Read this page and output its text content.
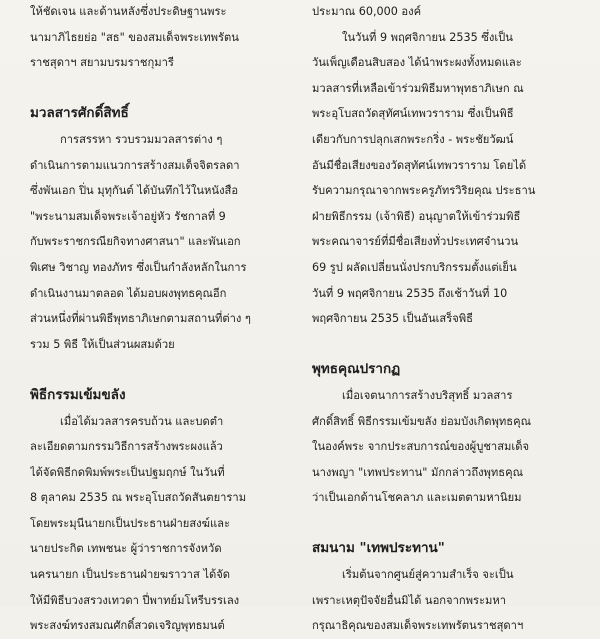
ให้ชัดเจน และด้านหลังซึ่งประดิษฐานพระ
นามาภิไธยย่อ "สธ" ของสมเด็จพระเทพรัตน
ราชสุดาฯ สยามบรมราชกุมารี
มวลสารศักดิ์สิทธิ์
การสรรหา รวบรวมมวลสารต่าง ๆ
ดำเนินการตามแนวการสร้างสมเด็จจิตรลดา
ซึ่งพันเอก ปิ่น มุทุกันต์ ได้บันทึกไว้ในหนังสือ
"พระนามสมเด็จพระเจ้าอยู่หัว รัชกาลที่ 9
กับพระราชกรณียกิจทางศาสนา" และพันเอก
พิเศษ วิชาญ ทองภัทร ซึ่งเป็นกำลังหลักในการ
ดำเนินงานมาตลอด ได้มอบผงพุทธคุณอีก
ส่วนหนึ่งที่ผ่านพิธีพุทธาภิเษกตามสถานที่ต่าง ๆ
รวม 5 พิธี ให้เป็นส่วนผสมด้วย
พิธีกรรมเข้มขลัง
เมื่อได้มวลสารครบถ้วน และบดตำ
ละเอียดตามกรรมวิธีการสร้างพระผงแล้ว
ได้จัดพิธีกดพิมพ์พระเป็นปฐมฤกษ์ ในวันที่
8 ตุลาคม 2535 ณ พระอุโบสถวัดสันตยาราม
โดยพระมุนีนายกเป็นประธานฝ่ายสงฆ์และ
นายประกิต เทพชนะ ผู้ว่าราชการจังหวัด
นครนายก เป็นประธานฝ่ายฆราวาส ได้จัด
ให้มีพิธีบวงสรวงเทวดา ปี่พาทย์มโหรีบรรเลง
พระสงฆ์ทรงสมณศักดิ์สวดเจริญพุทธมนต์
ประมาณ 60,000 องค์
ในวันที่ 9 พฤศจิกายน 2535 ซึ่งเป็น
วันเพ็ญเดือนสิบสอง ได้นำพระผงทั้งหมดและ
มวลสารที่เหลือเข้าร่วมพิธีมหาพุทธาภิเษก ณ
พระอุโบสถวัดสุทัศน์เทพวราราม ซึ่งเป็นพิธี
เดียวกับการปลุกเสกพระกริ่ง - พระชัยวัฒน์
อันมีชื่อเสียงของวัดสุทัศน์เทพวราราม โดยได้
รับความกรุณาจากพระครูภัทรวิริยคุณ ประธาน
ฝ่ายพิธีกรรม (เจ้าพิธี) อนุญาตให้เข้าร่วมพิธี
พระคณาจารย์ที่มีชื่อเสียงทั่วประเทศจำนวน
69 รูป ผลัดเปลี่ยนนั่งปรกบริกรรมตั้งแต่เย็น
วันที่ 9 พฤศจิกายน 2535 ถึงเช้าวันที่ 10
พฤศจิกายน 2535 เป็นอันเสร็จพิธี
พุทธคุณปรากฏ
เมื่อเจตนาการสร้างบริสุทธิ์ มวลสาร
ศักดิ์สิทธิ์ พิธีกรรมเข้มขลัง ย่อมบังเกิดพุทธคุณ
ในองค์พระ จากประสบการณ์ของผู้บูชาสมเด็จ
นางพญา "เทพประทาน" มักกล่าวถึงพุทธคุณ
ว่าเป็นเอกด้านโชคลาภ และเมตตามหานิยม
สมนาม "เทพประทาน"
เริ่มต้นจากศูนย์สู่ความสำเร็จ จะเป็น
เพราะเหตุปัจจัยอื่นมิได้ นอกจากพระมหา
กรุณาธิคุณของสมเด็จพระเทพรัตนราชสุดาฯ
